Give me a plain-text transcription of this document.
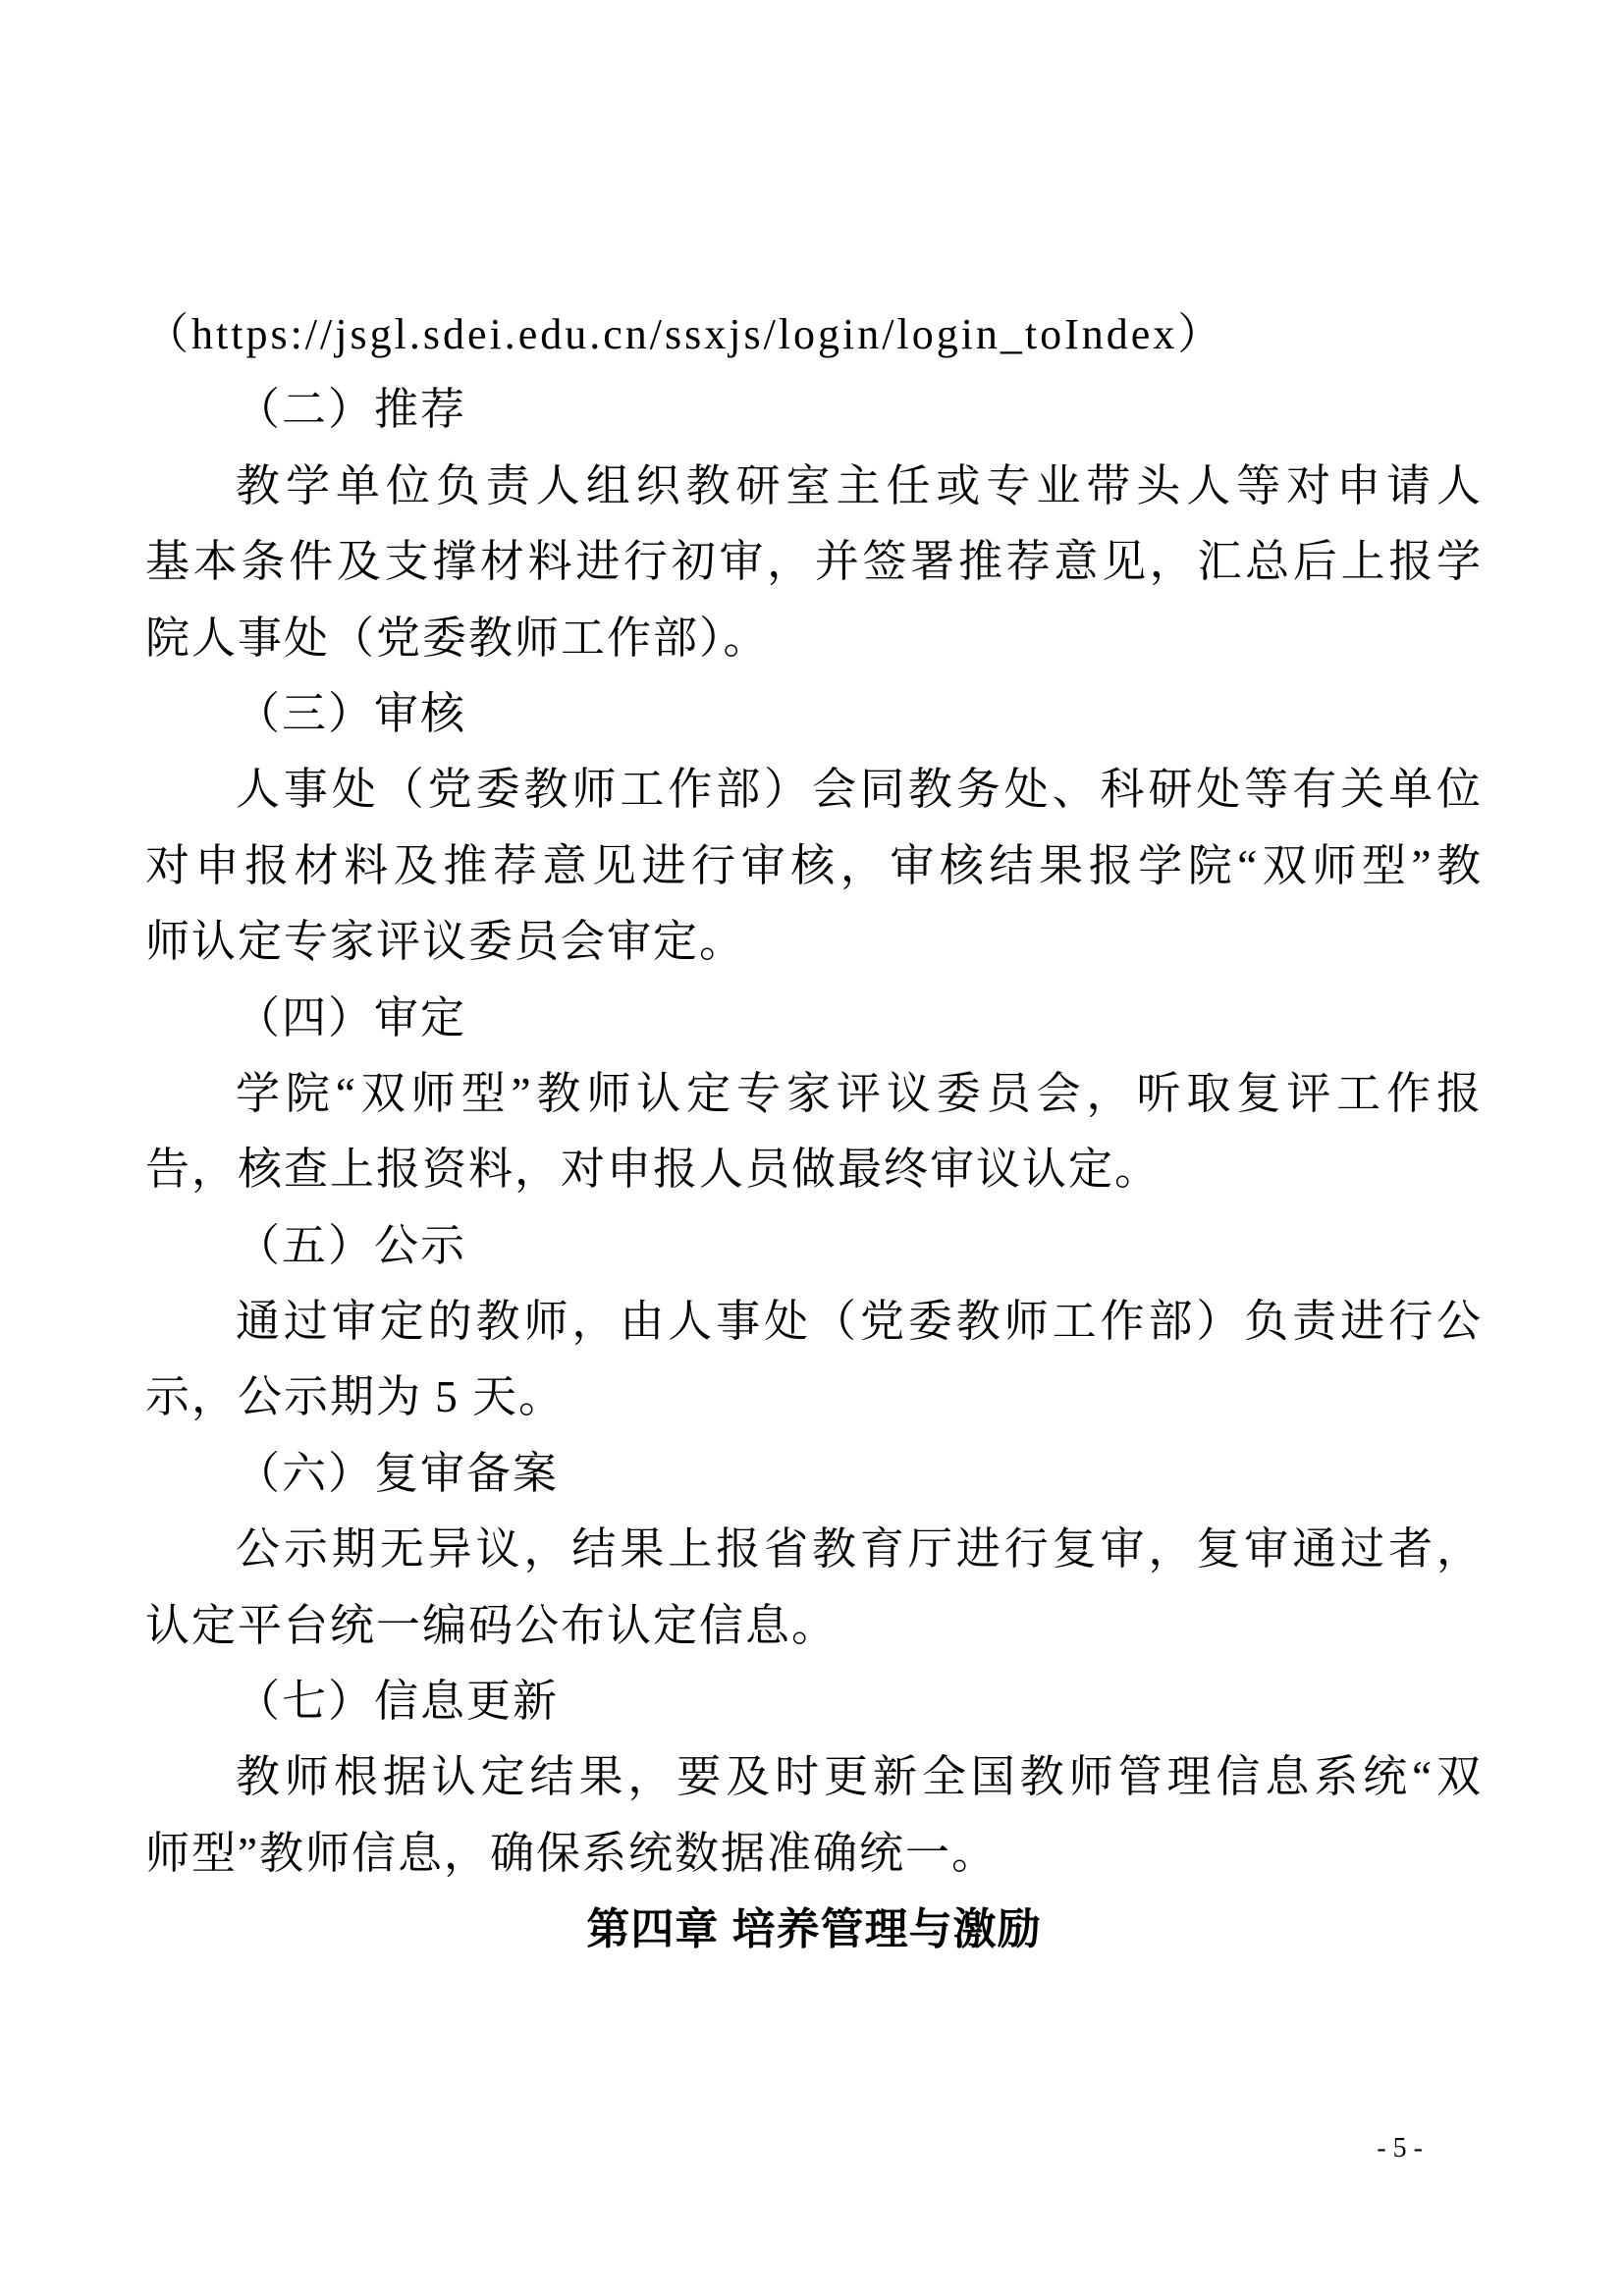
（https://jsgl.sdei.edu.cn/ssxjs/login/login_toIndex）
（二）推荐
教学单位负责人组织教研室主任或专业带头人等对申请人
基本条件及支撑材料进行初审，并签署推荐意见，汇总后上报学
院人事处（党委教师工作部）。
（三）审核
人事处（党委教师工作部）会同教务处、科研处等有关单位
对申报材料及推荐意见进行审核，审核结果报学院“双师型”教
师认定专家评议委员会审定。
（四）审定
学院“双师型”教师认定专家评议委员会，听取复评工作报
告，核查上报资料，对申报人员做最终审议认定。
（五）公示
通过审定的教师，由人事处（党委教师工作部）负责进行公
示，公示期为 5 天。
（六）复审备案
公示期无异议，结果上报省教育厅进行复审，复审通过者，
认定平台统一编码公布认定信息。
（七）信息更新
教师根据认定结果，要及时更新全国教师管理信息系统“双
师型”教师信息，确保系统数据准确统一。
第四章 培养管理与激励
- 5 -
